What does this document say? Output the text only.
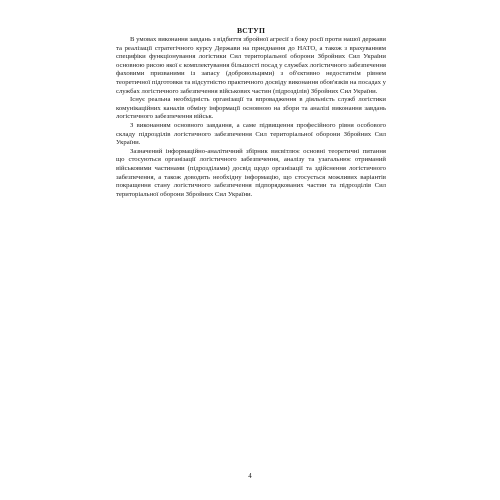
ВСТУП

В умовах виконання завдань з відбиття збройної агресії з боку росії проти нашої держави та реалізації стратегічного курсу Держави на приєднання до НАТО, а також з врахуванням специфіки функціонування логістики Сил територіальної оборони Збройних Сил України основною рисою якої є комплектування більшості посад у службах логістичного забезпечення фаховими призваними із запасу (добровольцями) з об'єктивно недостатнім рівнем теоретичної підготовки та відсутністю практичного досвіду виконання обов'язків на посадах у службах логістичного забезпечення військових частин (підрозділів) Збройних Сил України.

Існує реальна необхідність організації та впровадження в діяльність служб логістики комунікаційних каналів обміну інформації основною на збори та аналізі виконання завдань логістичного забезпечення військ.

З виконанням основного завдання, а саме підвищення професійного рівня особового складу підрозділів логістичного забезпечення Сил територіальної оборони Збройних Сил України.

Зазначений інформаційно-аналітичний збірник висвітлює основні теоретичні питання що стосуються організації логістичного забезпечення, аналізу та узагальнює отриманий військовими частинами (підрозділами) досвід щодо організації та здійснення логістичного забезпечення, а також доводить необхідну інформацію, що стосується можливих варіантів покращення стану логістичного забезпечення підпорядкованих частин та підрозділів Сил територіальної оборони Збройних Сил України.

4
